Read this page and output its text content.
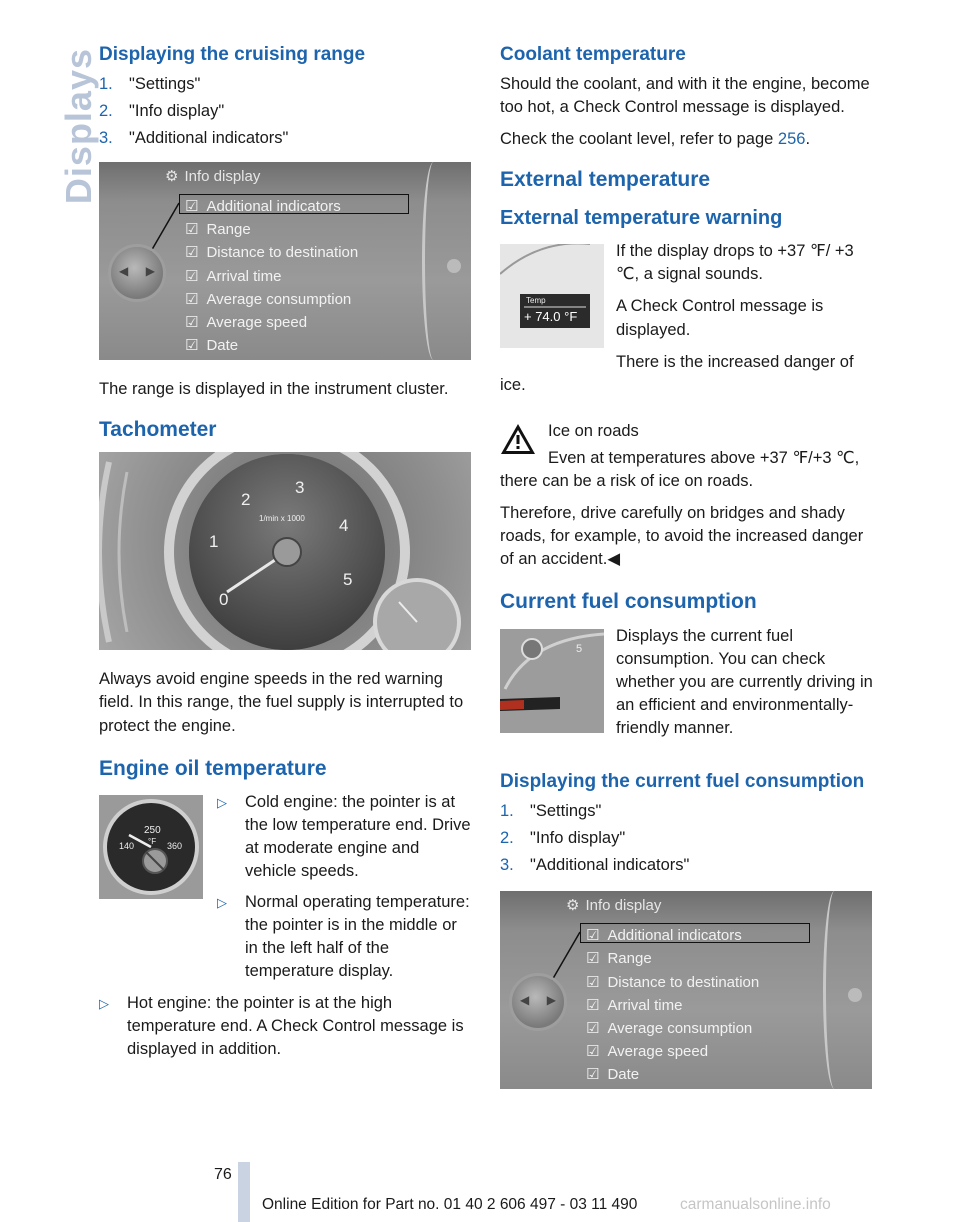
Displays Displaying the cruising range
1. "Settings"
2. "Info display"
3. "Additional indicators"
◀ ▶
⚙ Info display
☑ Additional indicators
☑ Range
☑ Distance to destination
☑ Arrival time
☑ Average consumption
☑ Average speed
☑ Date

The range is displayed in the instrument cluster.

Tachometer
0
1
2
3
4
5
1/min x 1000

Always avoid engine speeds in the red warning field. In this range, the fuel supply is interrupted to protect the engine.

Engine oil temperature
140
250
°F 360
▷	Cold engine: the pointer is at the low temperature end. Drive at moderate engine and vehicle speeds.
▷	Normal operating temperature: the pointer is in the middle or in the left half of the temperature display.
▷	Hot engine: the pointer is at the high temperature end. A Check Control message is displayed in addition.
Coolant temperature

Should the coolant, and with it the engine, become too hot, a Check Control message is displayed.

Check the coolant level, refer to page 256.

External temperature
External temperature warning
Temp
+ 74.0 °F

If the display drops to +37 ℉/ +3 ℃, a signal sounds.

A Check Control message is displayed.

There is the increased danger of ice.

Ice on roads

Even at temperatures above +37 ℉/+3 ℃, there can be a risk of ice on roads.

Therefore, drive carefully on bridges and shady roads, for example, to avoid the increased danger of an accident.◀

Current fuel consumption
5

Displays the current fuel consumption. You can check whether you are currently driving in an efficient and environmentally-friendly manner.

Displaying the current fuel consumption
1. "Settings"
2. "Info display"
3. "Additional indicators"
◀ ▶
⚙ Info display
☑ Additional indicators
☑ Range
☑ Distance to destination
☑ Arrival time
☑ Average consumption
☑ Average speed
☑ Date
76
Online Edition for Part no. 01 40 2 606 497 - 03 11 490	carmanualsonline.info
